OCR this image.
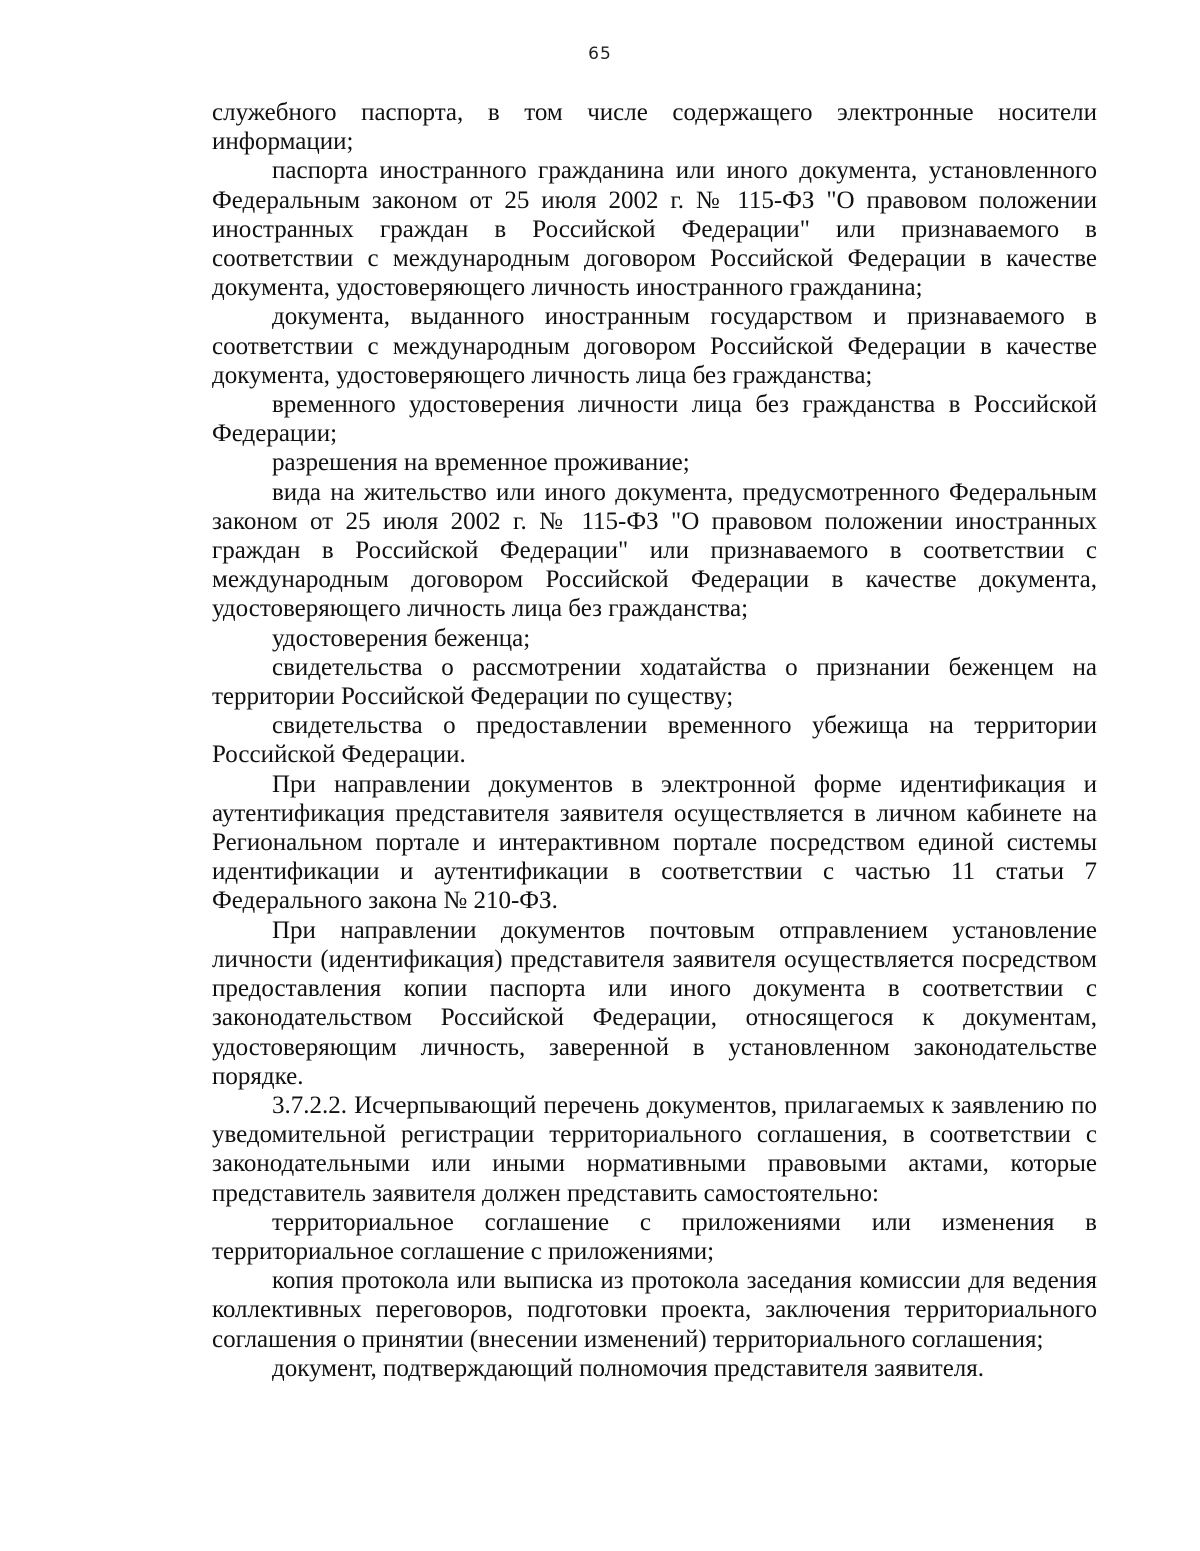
65

служебного паспорта, в том числе содержащего электронные носители информации;

паспорта иностранного гражданина или иного документа, установленного Федеральным законом от 25 июля 2002 г. № 115-ФЗ "О правовом положении иностранных граждан в Российской Федерации" или признаваемого в соответствии с международным договором Российской Федерации в качестве документа, удостоверяющего личность иностранного гражданина;

документа, выданного иностранным государством и признаваемого в соответствии с международным договором Российской Федерации в качестве документа, удостоверяющего личность лица без гражданства;

временного удостоверения личности лица без гражданства в Российской Федерации;

разрешения на временное проживание;

вида на жительство или иного документа, предусмотренного Федеральным законом от 25 июля 2002 г. № 115-ФЗ "О правовом положении иностранных граждан в Российской Федерации" или признаваемого в соответствии с международным договором Российской Федерации в качестве документа, удостоверяющего личность лица без гражданства;

удостоверения беженца;

свидетельства о рассмотрении ходатайства о признании беженцем на территории Российской Федерации по существу;

свидетельства о предоставлении временного убежища на территории Российской Федерации.

При направлении документов в электронной форме идентификация и аутентификация представителя заявителя осуществляется в личном кабинете на Региональном портале и интерактивном портале посредством единой системы идентификации и аутентификации в соответствии с частью 11 статьи 7 Федерального закона № 210-ФЗ.

При направлении документов почтовым отправлением установление личности (идентификация) представителя заявителя осуществляется посредством предоставления копии паспорта или иного документа в соответствии с законодательством Российской Федерации, относящегося к документам, удостоверяющим личность, заверенной в установленном законодательстве порядке.

3.7.2.2. Исчерпывающий перечень документов, прилагаемых к заявлению по уведомительной регистрации территориального соглашения, в соответствии с законодательными или иными нормативными правовыми актами, которые представитель заявителя должен представить самостоятельно:

территориальное соглашение с приложениями или изменения в территориальное соглашение с приложениями;

копия протокола или выписка из протокола заседания комиссии для ведения коллективных переговоров, подготовки проекта, заключения территориального соглашения о принятии (внесении изменений) территориального соглашения;

документ, подтверждающий полномочия представителя заявителя.
